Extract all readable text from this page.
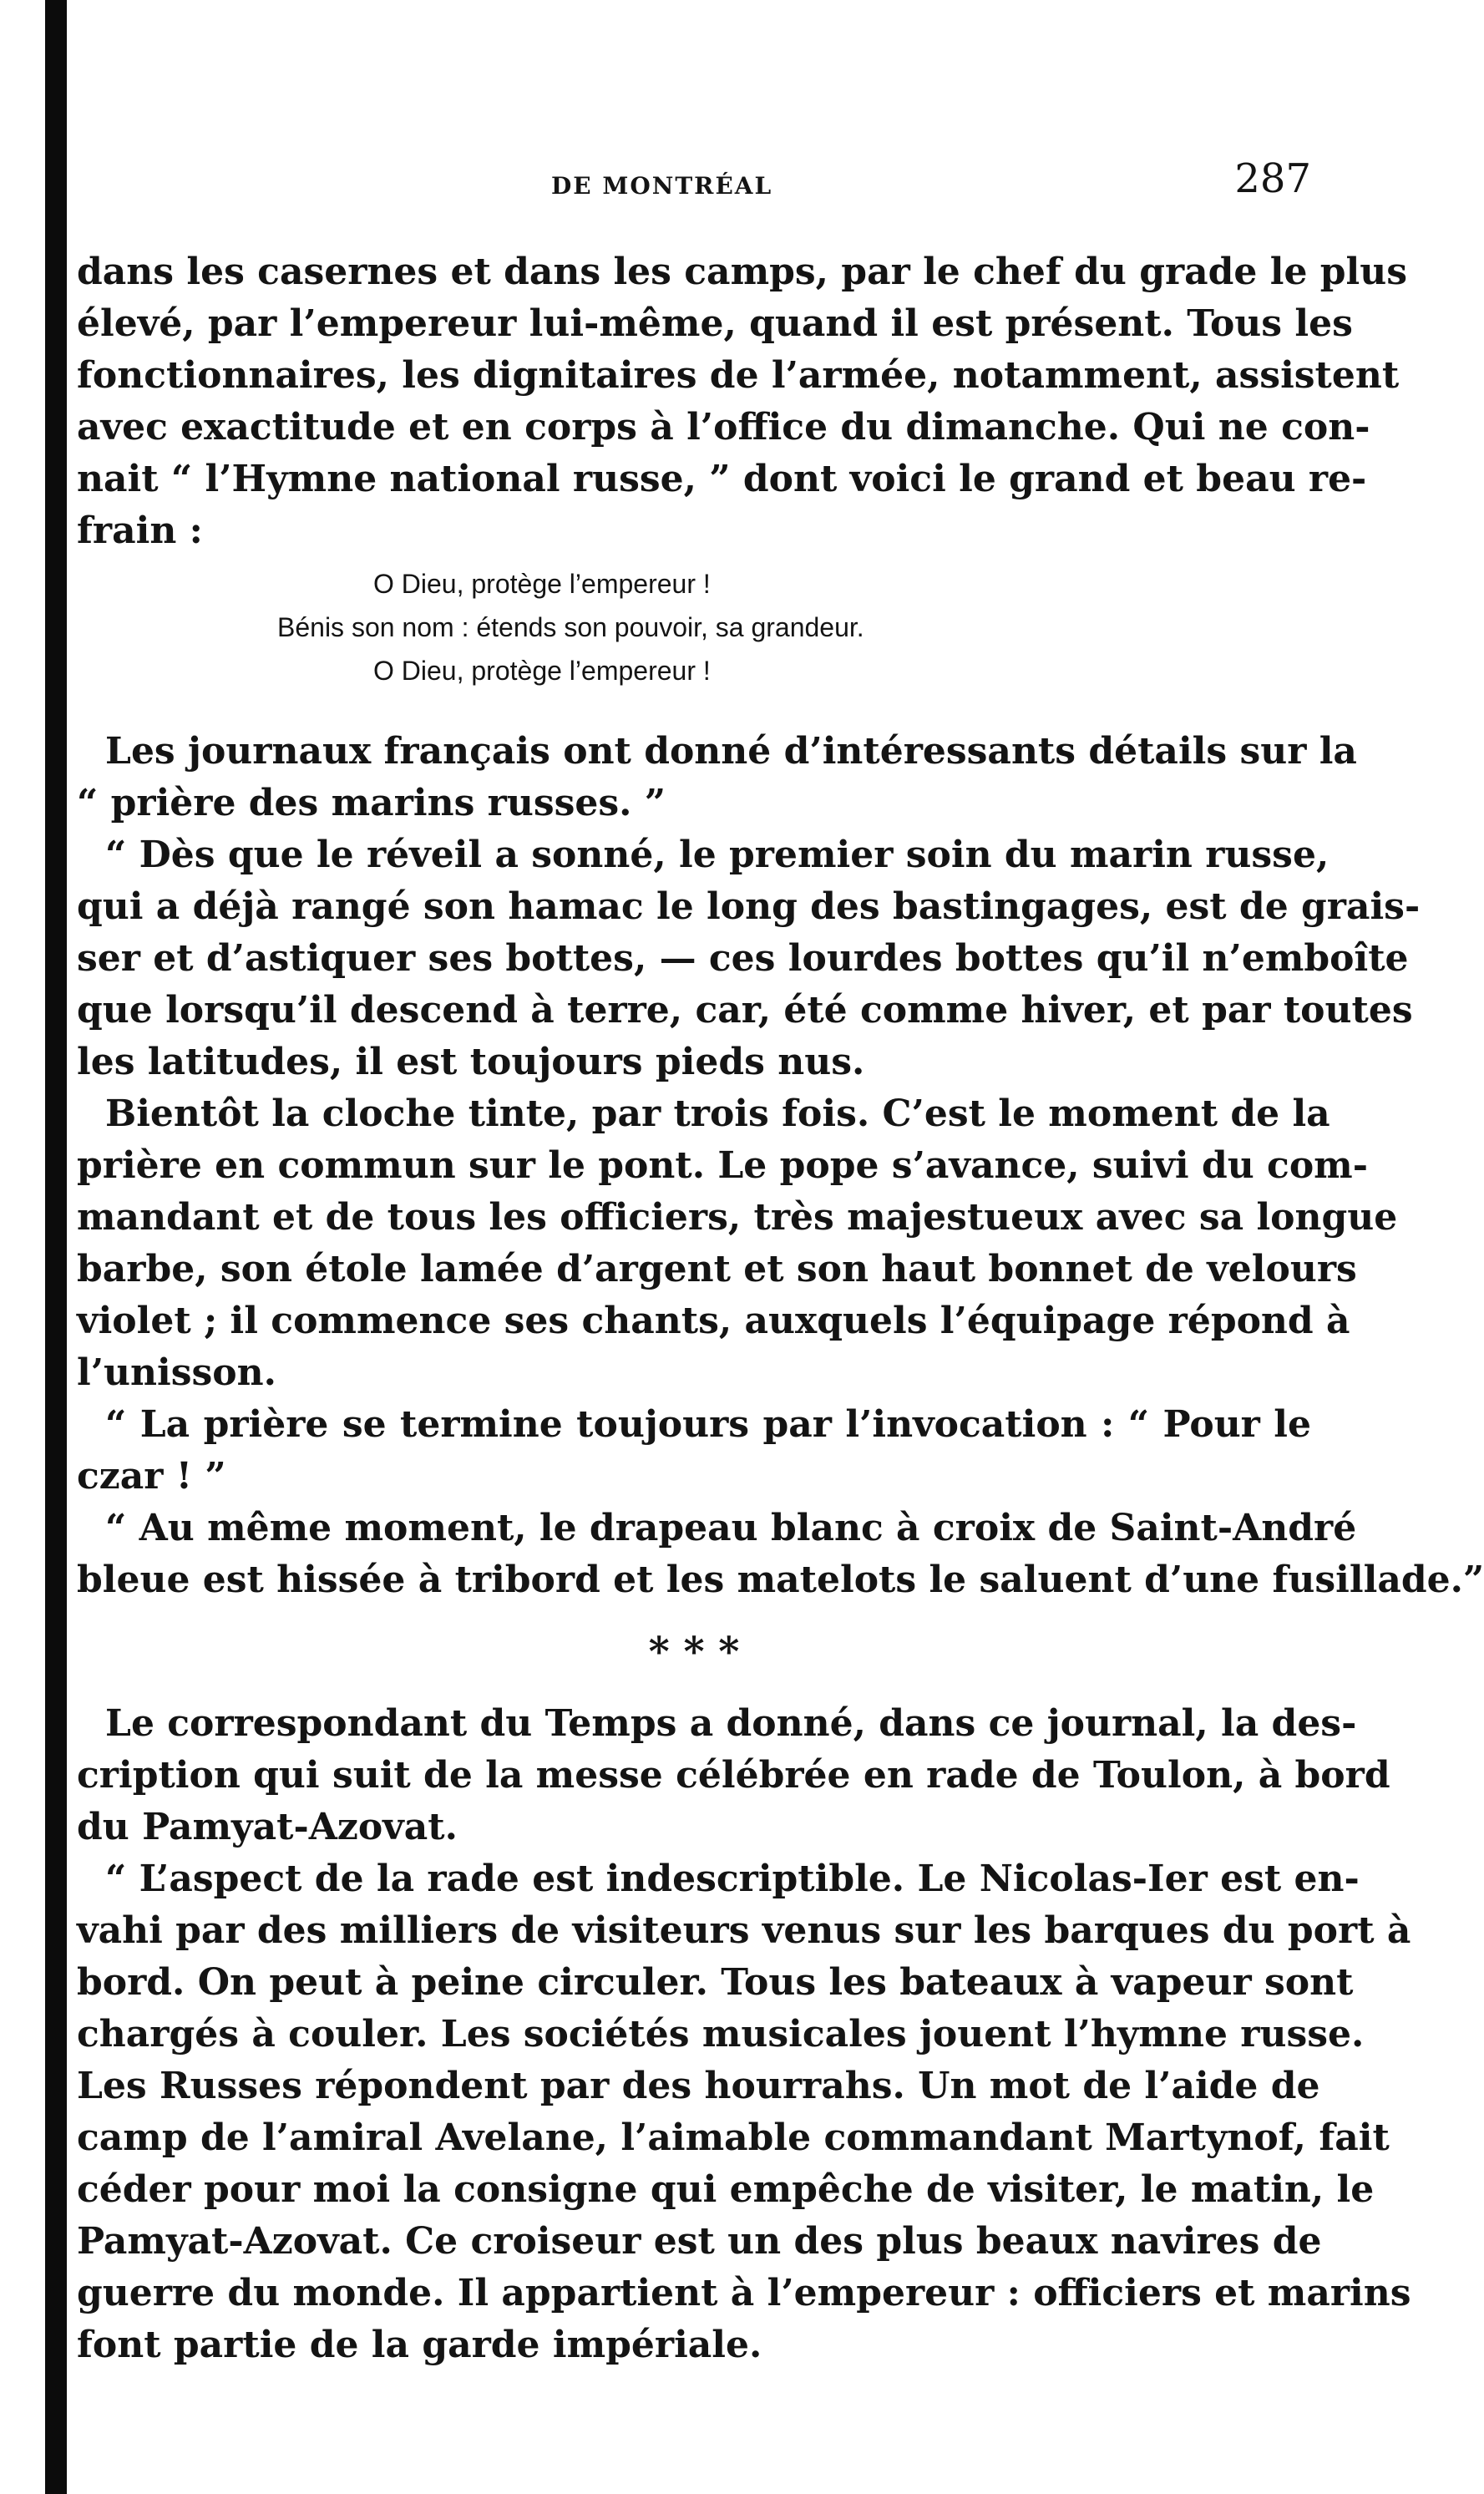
DE MONTRÉAL	287
dans les casernes et dans les camps, par le chef du grade le plus
élevé, par l’empereur lui-même, quand il est présent. Tous les
fonctionnaires, les dignitaires de l’armée, notamment, assistent
avec exactitude et en corps à l’office du dimanche. Qui ne con-
nait “ l’Hymne national russe, ” dont voici le grand et beau re-
frain :
O Dieu, protège l’empereur !
Bénis son nom : étends son pouvoir, sa grandeur.
O Dieu, protège l’empereur !
Les journaux français ont donné d’intéressants détails sur la
“ prière des marins russes. ”
“ Dès que le réveil a sonné, le premier soin du marin russe,
qui a déjà rangé son hamac le long des bastingages, est de grais-
ser et d’astiquer ses bottes, — ces lourdes bottes qu’il n’emboîte
que lorsqu’il descend à terre, car, été comme hiver, et par toutes
les latitudes, il est toujours pieds nus.
Bientôt la cloche tinte, par trois fois. C’est le moment de la
prière en commun sur le pont. Le pope s’avance, suivi du com-
mandant et de tous les officiers, très majestueux avec sa longue
barbe, son étole lamée d’argent et son haut bonnet de velours
violet ; il commence ses chants, auxquels l’équipage répond à
l’unisson.
“ La prière se termine toujours par l’invocation : “ Pour le
czar ! ”
“ Au même moment, le drapeau blanc à croix de Saint-André
bleue est hissée à tribord et les matelots le saluent d’une fusillade.”
* * *
Le correspondant du Temps a donné, dans ce journal, la des-
cription qui suit de la messe célébrée en rade de Toulon, à bord
du Pamyat-Azovat.
“ L’aspect de la rade est indescriptible. Le Nicolas-Ier est en-
vahi par des milliers de visiteurs venus sur les barques du port à
bord. On peut à peine circuler. Tous les bateaux à vapeur sont
chargés à couler. Les sociétés musicales jouent l’hymne russe.
Les Russes répondent par des hourrahs. Un mot de l’aide de
camp de l’amiral Avelane, l’aimable commandant Martynof, fait
céder pour moi la consigne qui empêche de visiter, le matin, le
Pamyat-Azovat. Ce croiseur est un des plus beaux navires de
guerre du monde. Il appartient à l’empereur : officiers et marins
font partie de la garde impériale.
